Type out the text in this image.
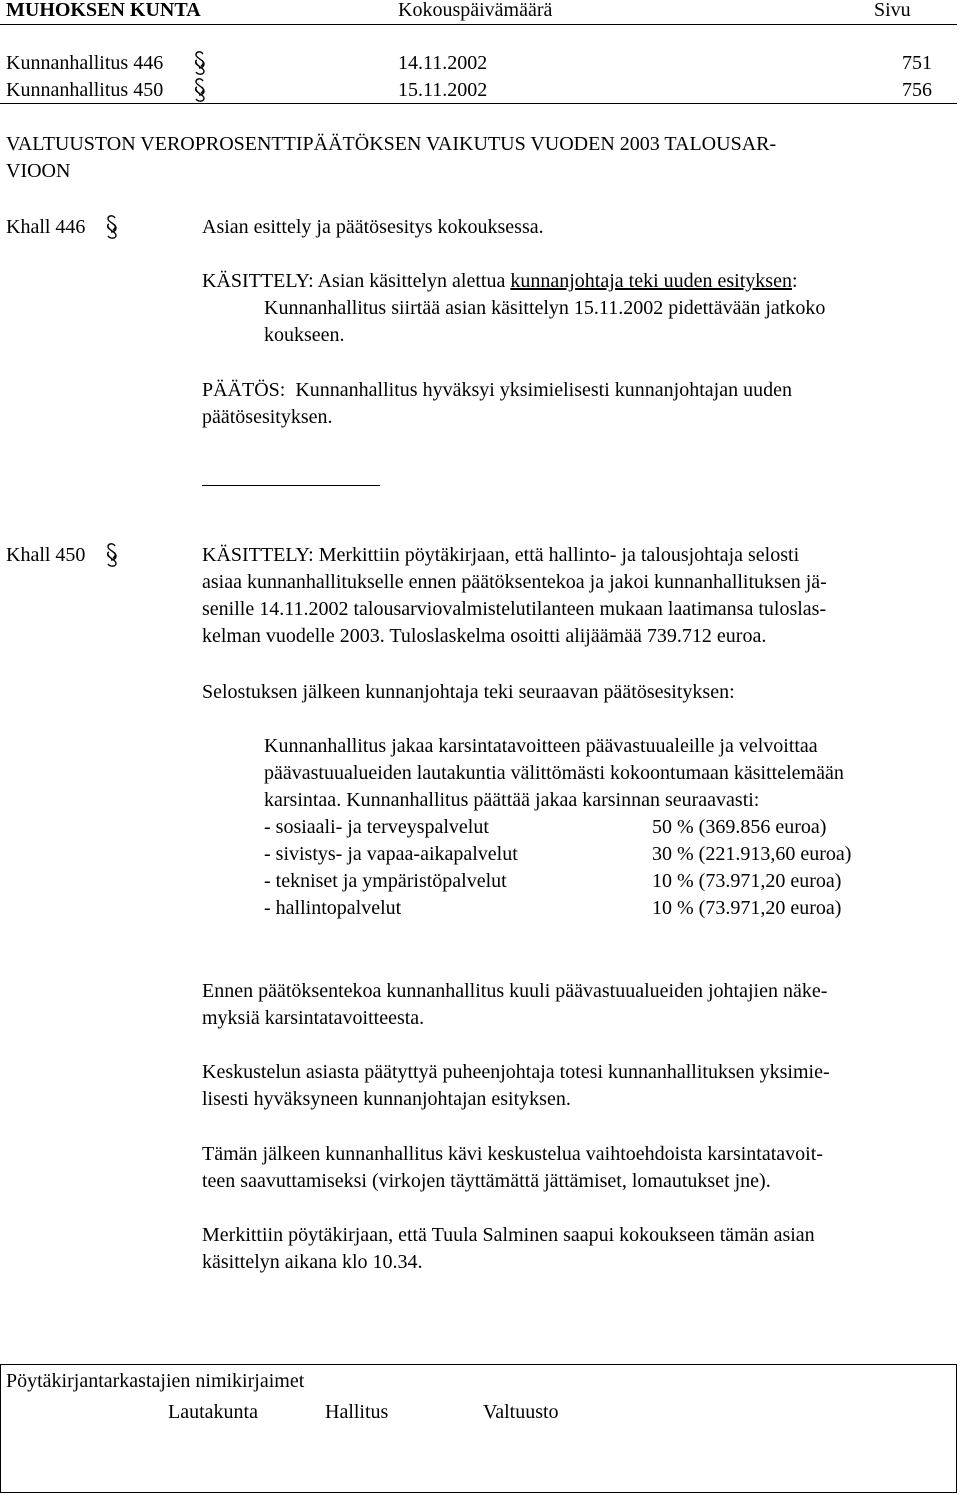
MUHOKSEN KUNTA	Kokouspäivämäärä	Sivu
Kunnanhallitus 446	14.11.2002	751
Kunnanhallitus 450	15.11.2002	756
VALTUUSTON VEROPROSENTTIPÄÄTÖKSEN VAIKUTUS VUODEN 2003 TALOUSAR-
VIOON
Khall 446	Asian esittely ja päätösesitys kokouksessa.
KÄSITTELY: Asian käsittelyn alettua kunnanjohtaja teki uuden esityksen:
Kunnanhallitus siirtää asian käsittelyn 15.11.2002 pidettävään jatkoko
koukseen.
PÄÄTÖS: Kunnanhallitus hyväksyi yksimielisesti kunnanjohtajan uuden
päätösesityksen.
Khall 450	KÄSITTELY: Merkittiin pöytäkirjaan, että hallinto- ja talousjohtaja selosti
asiaa kunnanhallitukselle ennen päätöksentekoa ja jakoi kunnanhallituksen jä-
senille 14.11.2002 talousarviovalmistelutilanteen mukaan laatimansa tuloslas-
kelman vuodelle 2003. Tuloslaskelma osoitti alijäämää 739.712 euroa.
Selostuksen jälkeen kunnanjohtaja teki seuraavan päätösesityksen:
Kunnanhallitus jakaa karsintatavoitteen päävastuualeille ja velvoittaa
päävastuualueiden lautakuntia välittömästi kokoontumaan käsittelemään
karsintaa. Kunnanhallitus päättää jakaa karsinnan seuraavasti:
- sosiaali- ja terveyspalvelut	50 % (369.856 euroa)
- sivistys- ja vapaa-aikapalvelut	30 % (221.913,60 euroa)
- tekniset ja ympäristöpalvelut	10 % (73.971,20 euroa)
- hallintopalvelut	10 % (73.971,20 euroa)
Ennen päätöksentekoa kunnanhallitus kuuli päävastuualueiden johtajien näke-
myksiä karsintatavoitteesta.
Keskustelun asiasta päätyttyä puheenjohtaja totesi kunnanhallituksen yksimie-
lisesti hyväksyneen kunnanjohtajan esityksen.
Tämän jälkeen kunnanhallitus kävi keskustelua vaihtoehdoista karsintatavoit-
teen saavuttamiseksi (virkojen täyttämättä jättämiset, lomautukset jne).
Merkittiin pöytäkirjaan, että Tuula Salminen saapui kokoukseen tämän asian
käsittelyn aikana klo 10.34.
Pöytäkirjantarkastajien nimikirjaimet
Lautakunta	Hallitus	Valtuusto
